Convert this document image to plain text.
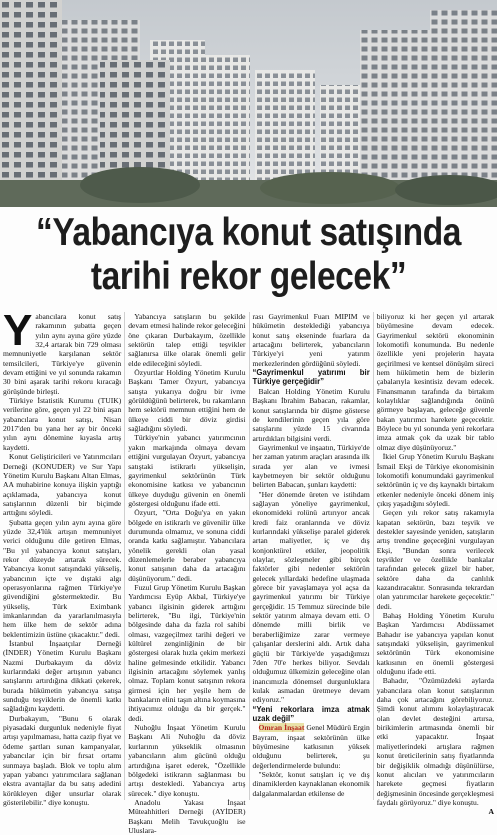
“Yabancıya konut satışında
tarihi rekor gelecek”
Y abancılara konut satış rakamının şubatta geçen yılın aynı ayına göre yüzde 32,4 artarak bin 729 olması memnuniyetle karşılanan sektör temsilcileri, Türkiye'ye güvenin devam ettiğini ve yıl sonunda rakamın 30 bini aşarak tarihi rekoru kıracağı görüşünde birleşti.

Türkiye İstatistik Kurumu (TUIK) verilerine göre, geçen yıl 22 bini aşan yabancılara konut satışı, Nisan 2017'den bu yana her ay bir önceki yılın aynı dönemine kıyasla artış kaydetti.

Konut Geliştiricileri ve Yatırımcıları Derneği (KONUDER) ve Sur Yapı Yönetim Kurulu Başkanı Altan Elmas, AA muhabirine konuya ilişkin yaptığı açıklamada, yabancıya konut satışlarının düzenli bir biçimde arttığını söyledi.

Şubatta geçen yılın aynı ayına göre yüzde 32,4'lük artışın memnuniyet verici olduğunu dile getiren Elmas, "Bu yıl yabancıya konut satışları, rekor düzeyde artarak sürecek. Yabancıya konut satışındaki yükseliş, yabancının içte ve dıştaki algı operasyonlarına rağmen Türkiye'ye güvendiğini göstermektedir. Bu yükseliş, Türk Eximbank imkanlarından da yararlanılmasıyla hem ülke hem de sektör adına beklentimizin üstüne çıkacaktır." dedi.

İstanbul İnşaatçılar Derneği (İNDER) Yönetim Kurulu Başkanı Nazmi Durbakayım da döviz kurlarındaki değer artışının yabancı satışlarını artırdığına dikkati çekerek, burada hükümetin yabancıya satışa sunduğu teşviklerin de önemli katkı sağladığını kaydetti.

Durbakayım, "Bunu 6 olarak piyasadaki durgunluk nedeniyle fiyat artışı yapılmaması, hatta cazip fiyat ve ödeme şartları sunan kampanyalar, yabancılar için bir fırsat ortamı sunmaya başladı. Blok ve toplu alım yapan yabancı yatırımcılara sağlanan ekstra avantajlar da bu satış adedini körükleyen diğer unsurlar olarak gösterilebilir." diye konuştu.

Yabancıya satışların bu şekilde devam etmesi halinde rekor geleceğini öne çıkaran Durbakayım, özellikle sektörün talep ettiği teşvikler sağlanırsa ülke olarak önemli gelir elde edileceğini söyledi.

Özyurtlar Holding Yönetim Kurulu Başkanı Tamer Özyurt, yabancıya satışta yukarıya doğru bir ivme görüldüğünü belirterek, bu rakamların hem sektörü memnun ettiğini hem de ülkeye ciddi bir döviz girdisi sağladığını söyledi.

Türkiye'nin yabancı yatırımcının yakın markajında olmaya devam ettiğini vurgulayan Özyurt, yabancıya satıştaki istikrarlı yükselişin, gayrimenkul sektörünün Türk ekonomisine katkısı ve yabancının ülkeye duyduğu güvenin en önemli göstergesi olduğunu ifade etti.

Özyurt, "Orta Doğu'ya en yakın bölgede en istikrarlı ve güvenilir ülke durumunda olmamız, ve sonuna ciddi oranda katkı sağlamıştır. Yabancılara yönelik gerekli olan yasal düzenlemelerle beraber yabancıya konut satışının daha da artacağını düşünüyorum." dedi.

Fuzul Grup Yönetim Kurulu Başkan Yardımcısı Eyüp Akbal, Türkiye'ye yabancı ilgisinin giderek arttığını belirterek, "Bu ilgi, Türkiye'nin bölgesinde daha da fazla rol sahibi olması, vazgeçilmez tarihi değeri ve kültürel zenginliğinin de bir göstergesi olarak hızla çekim merkezi haline gelmesinde etkilidir. Yabancı ilgisinin artacağını söylemek yanlış olmaz. Toplam konut satışının rekora girmesi için her yeşile hem de bankaların elini taşın altına koymasına ihtiyacımız olduğu da bir gerçek." dedi.

Nuhoğlu İnşaat Yönetim Kurulu Başkanı Ali Nuhoğlu da döviz kurlarının yükseklik olmasının yabancıların alım gücünü olduğu artırdığına işaret ederek, "Özellikle bölgedeki istikrarın sağlanması bu artışı destekledi. Yabancıya artış sürecek." diye konuştu.

Anadolu Yakası İnşaat Müteahhitleri Derneği (AYİDER) Başkanı Melih Tavukçuoğlu ise Uluslara-

rası Gayrimenkul Fuarı MIPIM ve hükümetin desteklediği yabancıya konut satış ekseninde fuarlara da artacağını belirterek, yabancıların Türkiye'yi yeni yatırım merkezlerinden gördüğünü söyledi.

“Gayrimenkul yatırımı bir Türkiye gerçeğidir”

Balcan Holding Yönetim Kurulu Başkanı İbrahim Babacan, rakamlar, konut satışlarında bir düşme gösterse de kendilerinin geçen yıla göre satışlarını yüzde 15 civarında artırdıkları bilgisini verdi.

Gayrimenkul ve inşaatın, Türkiye'de her zaman yatırım araçları arasında ilk sırada yer alan ve ivmesi kaybetmeyen bir sektör olduğunu belirten Babacan, şunları kaydetti:

"Her dönemde üreten ve istihdam sağlayan yöneliye gayrimenkul, ekonomideki rolünü artırıyor ancak kredi faiz oranlarında ve döviz kurlarındaki yükselişe paralel giderek artan maliyetler, iç ve dış konjonktürel etkiler, jeopolitik olaylar, sözleşmeler gibi birçok faktörler gibi nedenler sektörün gelecek yıllardaki hedefine ulaşmada görece bir yavaşlamaya yol açsa da gayrimenkul yatırımı bir Türkiye gerçeğidir. 15 Temmuz sürecinde bile sektör yatırım almaya devam etti. O dönemde milli birlik ve beraberliğimize zarar vermeye çalışanlar derslerini aldı. Artık daha güçlü bir Türkiye'de yaşadığımızı 7den 70'e herkes biliyor. Sevdalı olduğumuz ülkemizin geleceğine olan inancımızla dönemsel durgunluklara kulak asmadan üretmeye devam ediyoruz."

“Yeni rekorlara imza atmak uzak değil”

Omran İnşaat Genel Müdürü Ergin Bayram, inşaat sektörünün ülke büyümesine katkısının yüksek olduğunu belirterek, şu değerlendirmelerde bulundu:

"Sektör, konut satışları iç ve dış dinamiklerden kaynaklanan ekonomik dalgalanmalardan etkilense de

biliyoruz ki her geçen yıl artarak büyümesine devam edecek. Gayrimenkul sektörü ekonominin lokomotifi konumunda. Bu nedenle özellikle yeni projelerin hayata geçirilmesi ve kentsel dönüşüm süreci hem hükümetin hem de bizlerin çabalarıyla kesintisiz devam edecek. Finansmanın tarafında da birtakım kolaylıklar sağlandığında önünü görmeye başlayan, geleceğe güvenle bakan yatırımcı harekete geçecektir. Böylece bu yıl sonunda yeni rekorlara imza atmak çok da uzak bir tablo olmaz diye düşünüyoruz."

İkiel Grup Yönetim Kurulu Başkanı İsmail Ekşi de Türkiye ekonomisinin lokomotifi konumundaki gayrimenkul sektörünün iç ve dış kaynaklı birtakım etkenler nedeniyle önceki dönem iniş çıkış yaşadığını söyledi.

Geçen yılı rekor satış rakamıyla kapatan sektörün, bazı teşvik ve destekler sayesinde yeniden, satışların artış trendine geçeceğini vurgulayan Ekşi, "Bundan sonra verilecek teşvikler ve özellikle bankalar tarafından gelecek güzel bir haber, sektöre daha da canlılık kazandıracaktır. Sonrasında tekrardan olan yatırımcılar harekete geçecektir." dedi.

Bahaş Holding Yönetim Kurulu Başkan Yardımcısı Abdüssamet Bahadır ise yabancıya yapılan konut satışındaki yükselişin, gayrimenkul sektörünün Türk ekonomisine katkısının en önemli göstergesi olduğunu ifade etti.

Bahadır, "Özümüzdeki aylarda yabancılara olan konut satışlarının daha çok artacağını görebiliyoruz. Şimdi konut alımını kolaylaştıracak olan devlet desteğini artırsa, birikimlerin artmasında önemli bir etki yapacaktır. İnşaat maliyetlerindeki artışlara rağmen konut üreticilerinin satış fiyatlarında bir değişiklik olmadığı düşünülürse, konut alıcıları ve yatırımcıların harekete geçmesi fiyatların değişmesinin öncesinde gerçekleşmesi faydalı görüyoruz." diye konuştu.

A
